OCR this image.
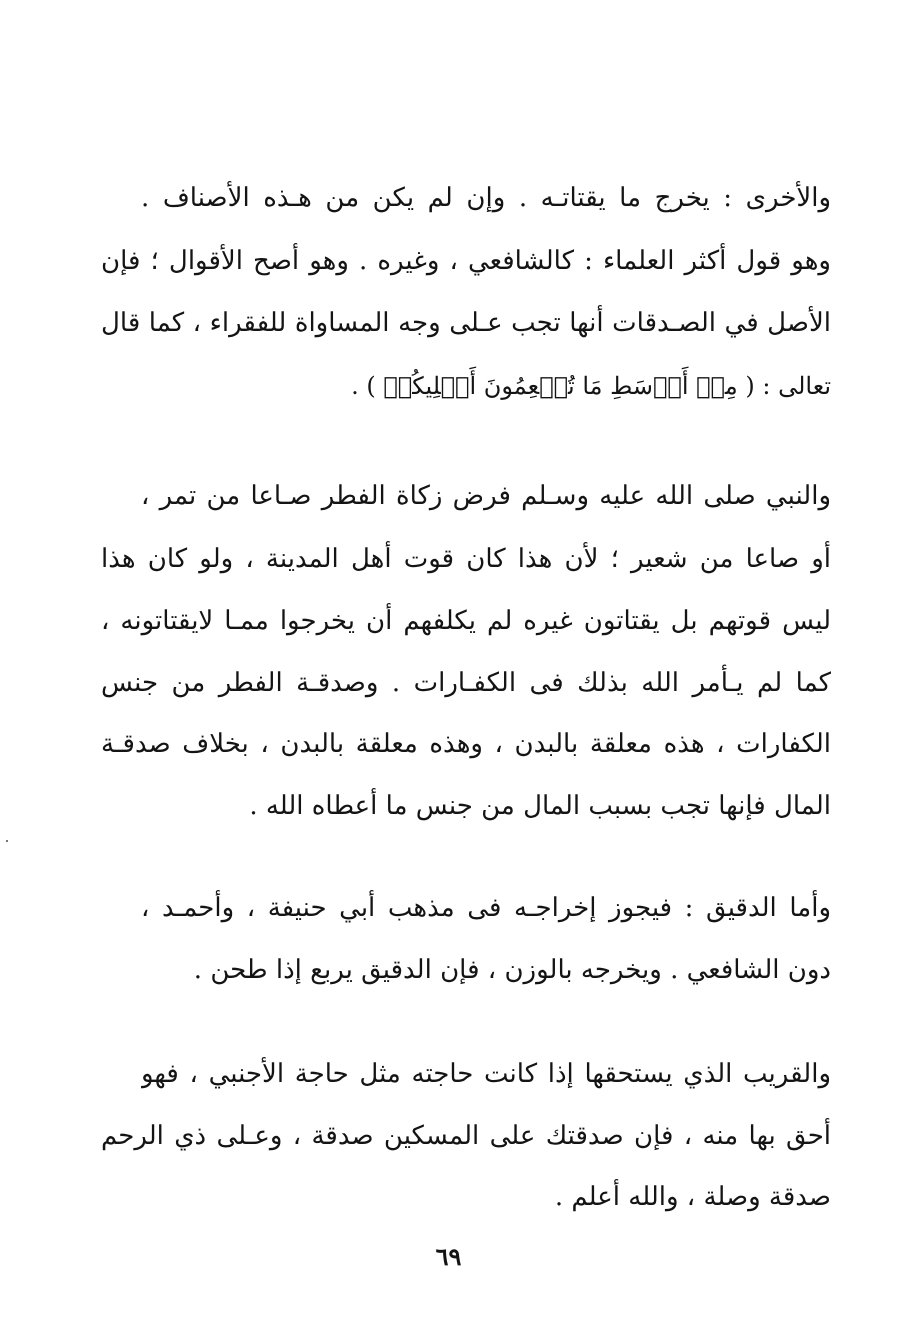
والأخرى : يخرج ما يقتاتـه . وإن لم يكن من هـذه الأصناف .
وهو قول أكثر العلماء : كالشافعي ، وغيره . وهو أصح الأقوال ؛ فإن
الأصل في الصـدقات أنها تجب عـلى وجه المساواة للفقراء ، كما قال
تعالى : ( مِنۡ أَوۡسَطِ مَا تُطۡعِمُونَ أَهۡلِيكُمۡ ) .
والنبي صلى الله عليه وسـلم فرض زكاة الفطر صـاعا من تمر ،
أو صاعا من شعير ؛ لأن هذا كان قوت أهل المدينة ، ولو كان هذا
ليس قوتهم بل يقتاتون غيره لم يكلفهم أن يخرجوا ممـا لايقتاتونه ،
كما لم يـأمر الله بذلك فى الكفـارات . وصدقـة الفطر من جنس
الكفارات ، هذه معلقة بالبدن ، وهذه معلقة بالبدن ، بخلاف صدقـة
المال فإنها تجب بسبب المال من جنس ما أعطاه الله .
وأما الدقيق : فيجوز إخراجـه فى مذهب أبي حنيفة ، وأحمـد ،
دون الشافعي . ويخرجه بالوزن ، فإن الدقيق يربع إذا طحن .
والقريب الذي يستحقها إذا كانت حاجته مثل حاجة الأجنبي ، فهو
أحق بها منه ، فإن صدقتك على المسكين صدقة ، وعـلى ذي الرحم
صدقة وصلة ، والله أعلم .
٦٩
